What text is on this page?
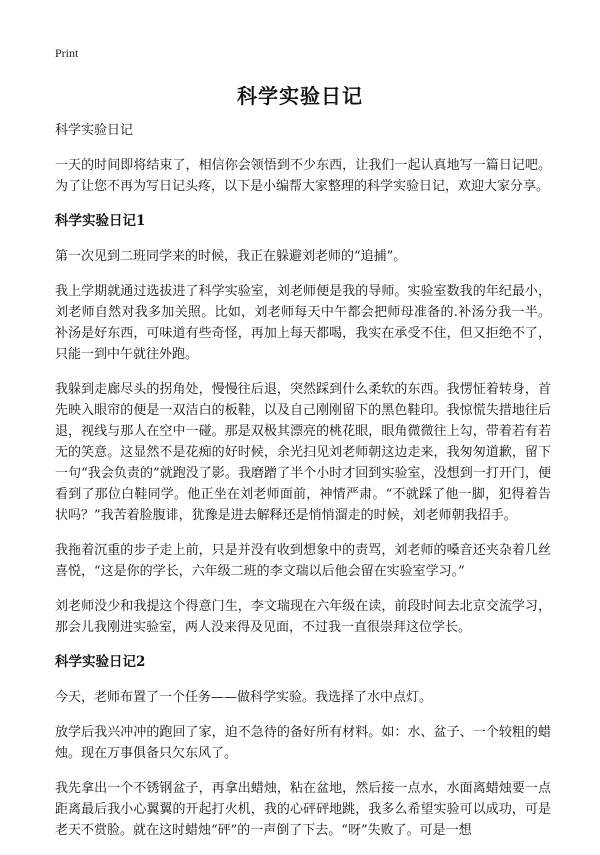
Print
科学实验日记

科学实验日记

一天的时间即将结束了，相信你会领悟到不少东西，让我们一起认真地写一篇日记吧。为了让您不再为写日记头疼，以下是小编帮大家整理的科学实验日记，欢迎大家分享。

科学实验日记1

第一次见到二班同学来的时候，我正在躲避刘老师的“追捕”。

我上学期就通过选拔进了科学实验室，刘老师便是我的导师。实验室数我的年纪最小，刘老师自然对我多加关照。比如，刘老师每天中午都会把师母准备的.补汤分我一半。补汤是好东西，可味道有些奇怪，再加上每天都喝，我实在承受不住，但又拒绝不了，只能一到中午就往外跑。

我躲到走廊尽头的拐角处，慢慢往后退，突然踩到什么柔软的东西。我愣怔着转身，首先映入眼帘的便是一双洁白的板鞋，以及自己刚刚留下的黑色鞋印。我惊慌失措地往后退，视线与那人在空中一碰。那是双极其漂亮的桃花眼，眼角微微往上勾，带着若有若无的笑意。这显然不是花痴的好时候，余光扫见刘老师朝这边走来，我匆匆道歉，留下一句“我会负责的”就跑没了影。我磨蹭了半个小时才回到实验室，没想到一打开门，便看到了那位白鞋同学。他正坐在刘老师面前，神情严肃。“不就踩了他一脚，犯得着告状吗？”我苦着脸腹诽，犹豫是进去解释还是悄悄溜走的时候，刘老师朝我招手。

我拖着沉重的步子走上前，只是并没有收到想象中的责骂，刘老师的嗓音还夹杂着几丝喜悦，“这是你的学长，六年级二班的李文瑞以后他会留在实验室学习。”

刘老师没少和我提这个得意门生，李文瑞现在六年级在读，前段时间去北京交流学习，那会儿我刚进实验室，两人没来得及见面，不过我一直很崇拜这位学长。

科学实验日记2

今天，老师布置了一个任务——做科学实验。我选择了水中点灯。

放学后我兴冲冲的跑回了家，迫不急待的备好所有材料。如：水、盆子、一个较粗的蜡烛。现在万事俱备只欠东风了。

我先拿出一个不锈钢盆子，再拿出蜡烛，粘在盆地，然后接一点水，水面离蜡烛要一点距离最后我小心翼翼的开起打火机，我的心砰砰地跳，我多么希望实验可以成功，可是老天不赏脸。就在这时蜡烛“砰”的一声倒了下去。“呀”失败了。可是一想
